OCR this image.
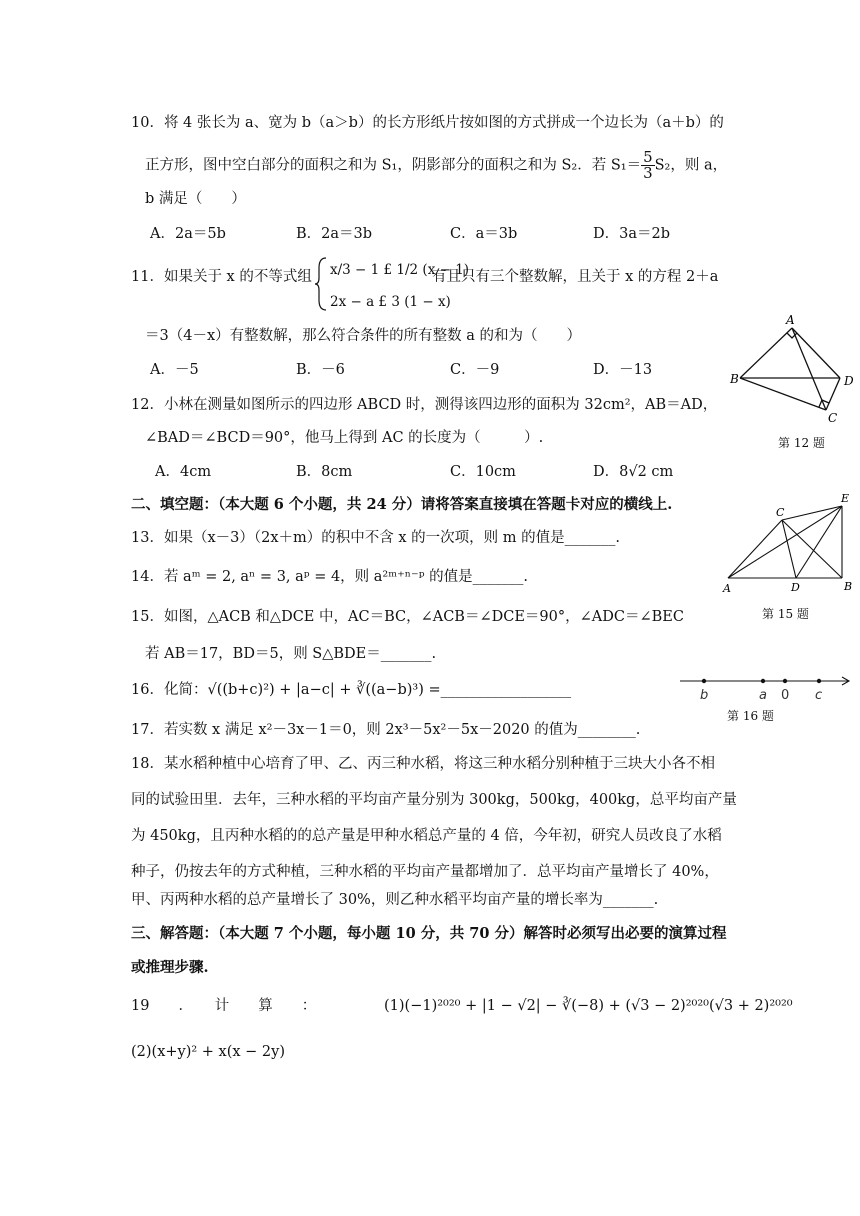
10．将 4 张长为 a、宽为 b（a＞b）的长方形纸片按如图的方式拼成一个边长为（a＋b）的
正方形，图中空白部分的面积之和为 S₁，阴影部分的面积之和为 S₂．若 $S_1= \frac{5}{3} S_2$，则 a，
b 满足（　　）
A．2a＝5b	B．2a＝3b	C．a＝3b	D．3a＝2b
11．如果关于 x 的不等式组 x/3 − 1 £ 1/2 (x − 1)
2x − a £ 3 (1 − x)
有且只有三个整数解，且关于 x 的方程 2＋a
＝3（4－x）有整数解，那么符合条件的所有整数 a 的和为（　　）
A．－5	B．－6	C．－9	D．－13
A
B	D
C
第 12 题
12．小林在测量如图所示的四边形 ABCD 时，测得该四边形的面积为 32cm²，AB＝AD，
∠BAD＝∠BCD＝90°，他马上得到 AC 的长度为（　　　）.
A．4cm	B．8cm	C．10cm	D．8√2 cm
二、填空题：（本大题 6 个小题，共 24 分）请将答案直接填在答题卡对应的横线上.	E
C
A	D	B
第 15 题
13．如果（x－3）（2x＋m）的积中不含 x 的一次项，则 m 的值是_______.
14．若 aᵐ = 2, aⁿ = 3, aᵖ = 4，则 a²ᵐ⁺ⁿ⁻ᵖ 的值是_______.
15．如图，△ACB 和△DCE 中，AC＝BC，∠ACB＝∠DCE＝90°，∠ADC＝∠BEC
若 AB＝17，BD＝5，则 S△BDE＝_______.
16．化简：√((b+c)²) + |a−c| + ∛((a−b)³) =__________________	b	a 0 c
第 16 题
17．若实数 x 满足 x²－3x－1＝0，则 2x³－5x²－5x－2020 的值为________.
18．某水稻种植中心培育了甲、乙、丙三种水稻，将这三种水稻分别种植于三块大小各不相
同的试验田里．去年，三种水稻的平均亩产量分别为 300kg，500kg，400kg，总平均亩产量
为 450kg，且丙种水稻的的总产量是甲种水稻总产量的 4 倍，今年初，研究人员改良了水稻
种子，仍按去年的方式种植，三种水稻的平均亩产量都增加了．总平均亩产量增长了 40%，
甲、丙两种水稻的总产量增长了 30%，则乙种水稻平均亩产量的增长率为_______.
三、解答题：（本大题 7 个小题，每小题 10 分，共 70 分）解答时必须写出必要的演算过程
或推理步骤.
19　　．　　计　　算　　：	(1)(−1)²⁰²⁰ + |1 − √2| − ∛(−8) + (√3 − 2)²⁰²⁰(√3 + 2)²⁰²⁰
(2)(x+y)² + x(x − 2y)
